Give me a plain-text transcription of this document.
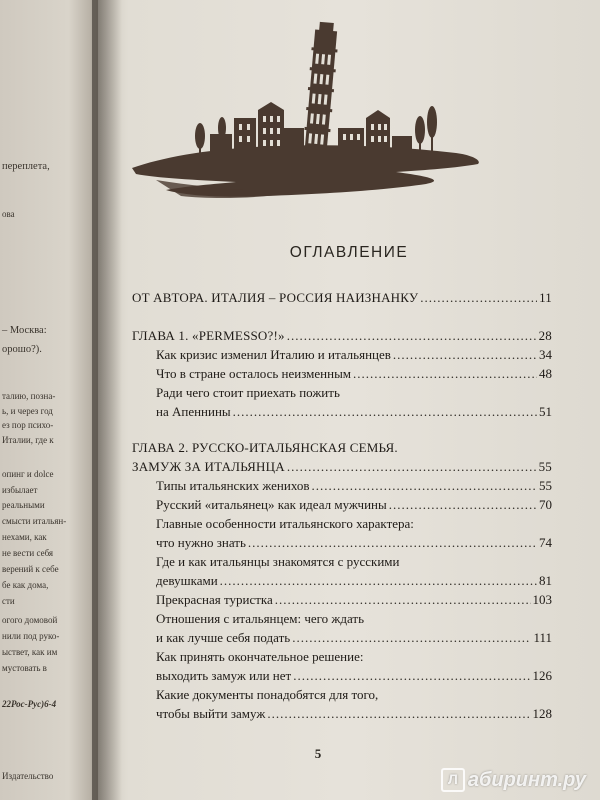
переплета,
ова
– Москва:
орошо?).
талию, позна-
ь, и через год
ез пор психо-
Италии, где к
опинг и dolce
избылает
реальными
смысти итальян-
нехами, как
не вести себя
верений к себе
бе как дома,
сти
огого домовой
нили под руко-
ыствет, как им
мустовать в
22Рос-Рус)6-4
Издательство
ОГЛАВЛЕНИЕ
ОТ АВТОРА. ИТАЛИЯ – РОССИЯ НАИЗНАНКУ .....	11
ГЛАВА 1. «PERMESSO?!» .....	28
Как кризис изменил Италию и итальянцев .....	34
Что в стране осталось неизменным .....	48
Ради чего стоит приехать пожить
на Апеннины .....	51
ГЛАВА 2. РУССКО-ИТАЛЬЯНСКАЯ СЕМЬЯ.
ЗАМУЖ ЗА ИТАЛЬЯНЦА .....	55
Типы итальянских женихов .....	55
Русский «итальянец» как идеал мужчины .....	70
Главные особенности итальянского характера:
что нужно знать .....	74
Где и как итальянцы знакомятся с русскими
девушками .....	81
Прекрасная туристка .....	103
Отношения с итальянцем: чего ждать
и как лучше себя подать .....	111
Как принять окончательное решение:
выходить замуж или нет .....	126
Какие документы понадобятся для того,
чтобы выйти замуж .....	128
5
Л абиринт.ру
